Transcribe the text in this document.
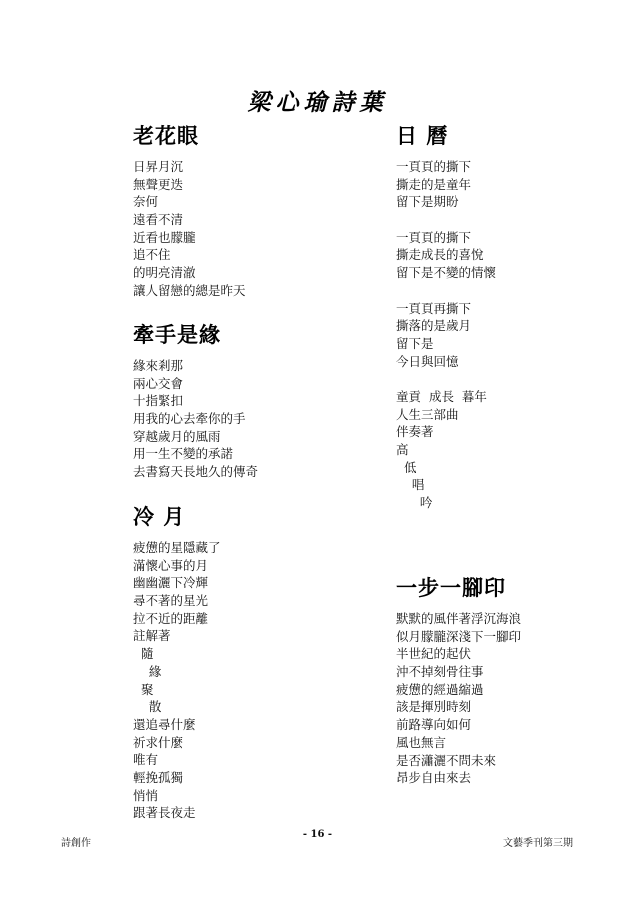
梁心瑜詩葉
老花眼
日昇月沉
無聲更迭
奈何
遠看不清
近看也朦朧
追不住
的明亮清澈
讓人留戀的總是昨天
牽手是緣
緣來剎那
兩心交會
十指緊扣
用我的心去牽你的手
穿越歲月的風雨
用一生不變的承諾
去書寫天長地久的傳奇
冷 月
疲憊的星隱藏了
滿懷心事的月
幽幽灑下冷輝
尋不著的星光
拉不近的距離
註解著
隨
緣
聚
散
還追尋什麼
祈求什麼
唯有
輕挽孤獨
悄悄
跟著長夜走
日 曆
一頁頁的撕下
撕走的是童年
留下是期盼
一頁頁的撕下
撕走成長的喜悅
留下是不變的情懷
一頁頁再撕下
撕落的是歲月
留下是
今日與回憶
童貢  成長  暮年
人生三部曲
伴奏著
高
低
唱
吟
一步一腳印
默默的風伴著浮沉海浪
似月朦朧深淺下一腳印
半世紀的起伏
沖不掉刻骨往事
疲憊的經過縮過
該是揮別時刻
前路導向如何
風也無言
是否瀟灑不問未來
昂步自由來去
詩創作
- 16 -
文藝季刊第三期
